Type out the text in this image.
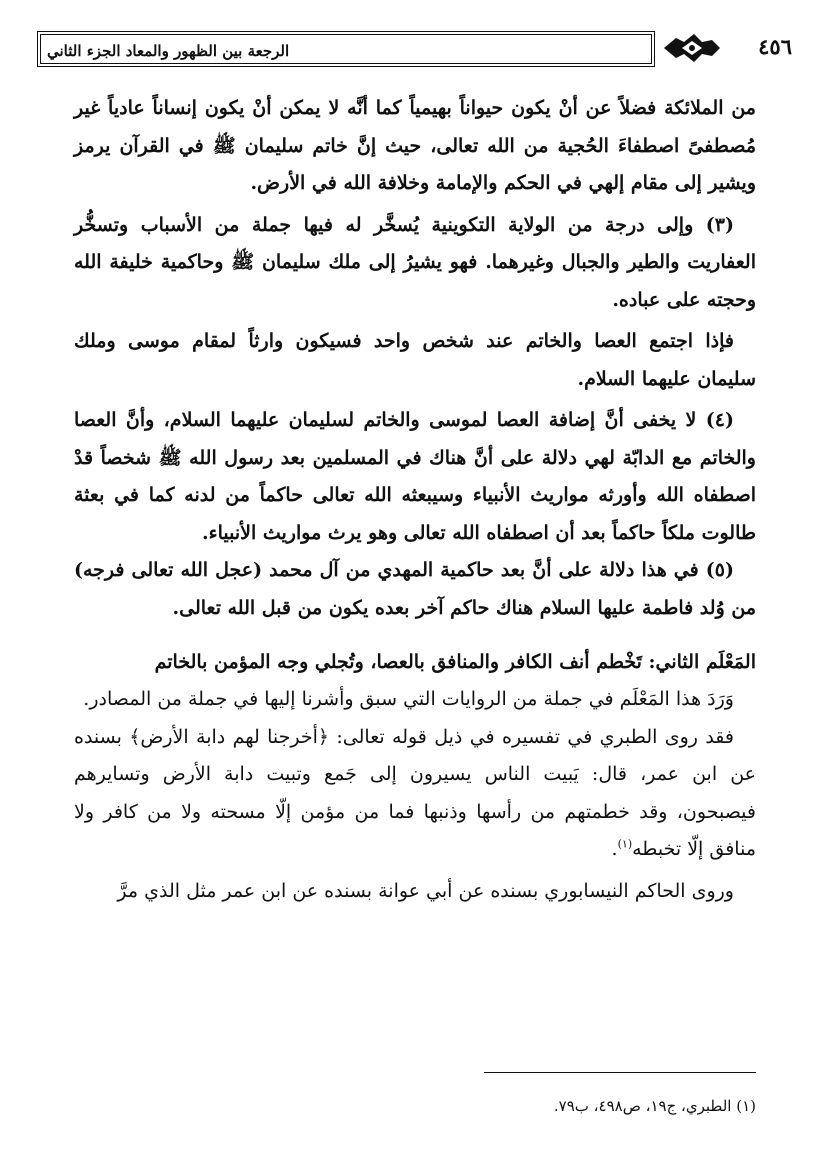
الرجعة بين الظهور والمعاد الجزء الثاني	٤٥٦

من الملائكة فضلاً عن أنْ يكون حيواناً بهيمياً كما أنَّه لا يمكن أنْ يكون إنساناً عادياً غير مُصطفىً اصطفاءَ الحُجية من الله تعالى، حيث إنَّ خاتم سليمان ﷺ في القرآن يرمز ويشير إلى مقام إلهي في الحكم والإمامة وخلافة الله في الأرض.

(٣) وإلى درجة من الولاية التكوينية يُسخَّر له فيها جملة من الأسباب وتسخُّر العفاريت والطير والجبال وغيرهما. فهو يشيرُ إلى ملك سليمان ﷺ وحاكمية خليفة الله وحجته على عباده.

فإذا اجتمع العصا والخاتم عند شخص واحد فسيكون وارثاً لمقام موسى وملك سليمان عليهما السلام.

(٤) لا يخفى أنَّ إضافة العصا لموسى والخاتم لسليمان عليهما السلام، وأنَّ العصا والخاتم مع الدابّة لهي دلالة على أنَّ هناك في المسلمين بعد رسول الله ﷺ شخصاً قدْ اصطفاه الله وأورثه مواريث الأنبياء وسيبعثه الله تعالى حاكماً من لدنه كما في بعثة طالوت ملكاً حاكماً بعد أن اصطفاه الله تعالى وهو يرث مواريث الأنبياء.

(٥) في هذا دلالة على أنَّ بعد حاكمية المهدي من آل محمد (عجل الله تعالى فرجه) من وُلد فاطمة عليها السلام هناك حاكم آخر بعده يكون من قبل الله تعالى.

المَعْلَم الثاني: تَخْطم أنف الكافر والمنافق بالعصا، وتُجلي وجه المؤمن بالخاتم

وَرَدَ هذا المَعْلَم في جملة من الروايات التي سبق وأشرنا إليها في جملة من المصادر.

فقد روى الطبري في تفسيره في ذيل قوله تعالى: ﴿أخرجنا لهم دابة الأرض﴾ بسنده عن ابن عمر، قال: يَبيت الناس يسيرون إلى جَمع وتبيت دابة الأرض وتسايرهم فيصبحون، وقد خطمتهم من رأسها وذنبها فما من مؤمن إلّا مسحته ولا من كافر ولا منافق إلّا تخبطه$^{(١)}$.

وروى الحاكم النيسابوري بسنده عن أبي عوانة بسنده عن ابن عمر مثل الذي مرَّ

(١) الطبري، ج١٩، ص٤٩٨، ب٧٩.
